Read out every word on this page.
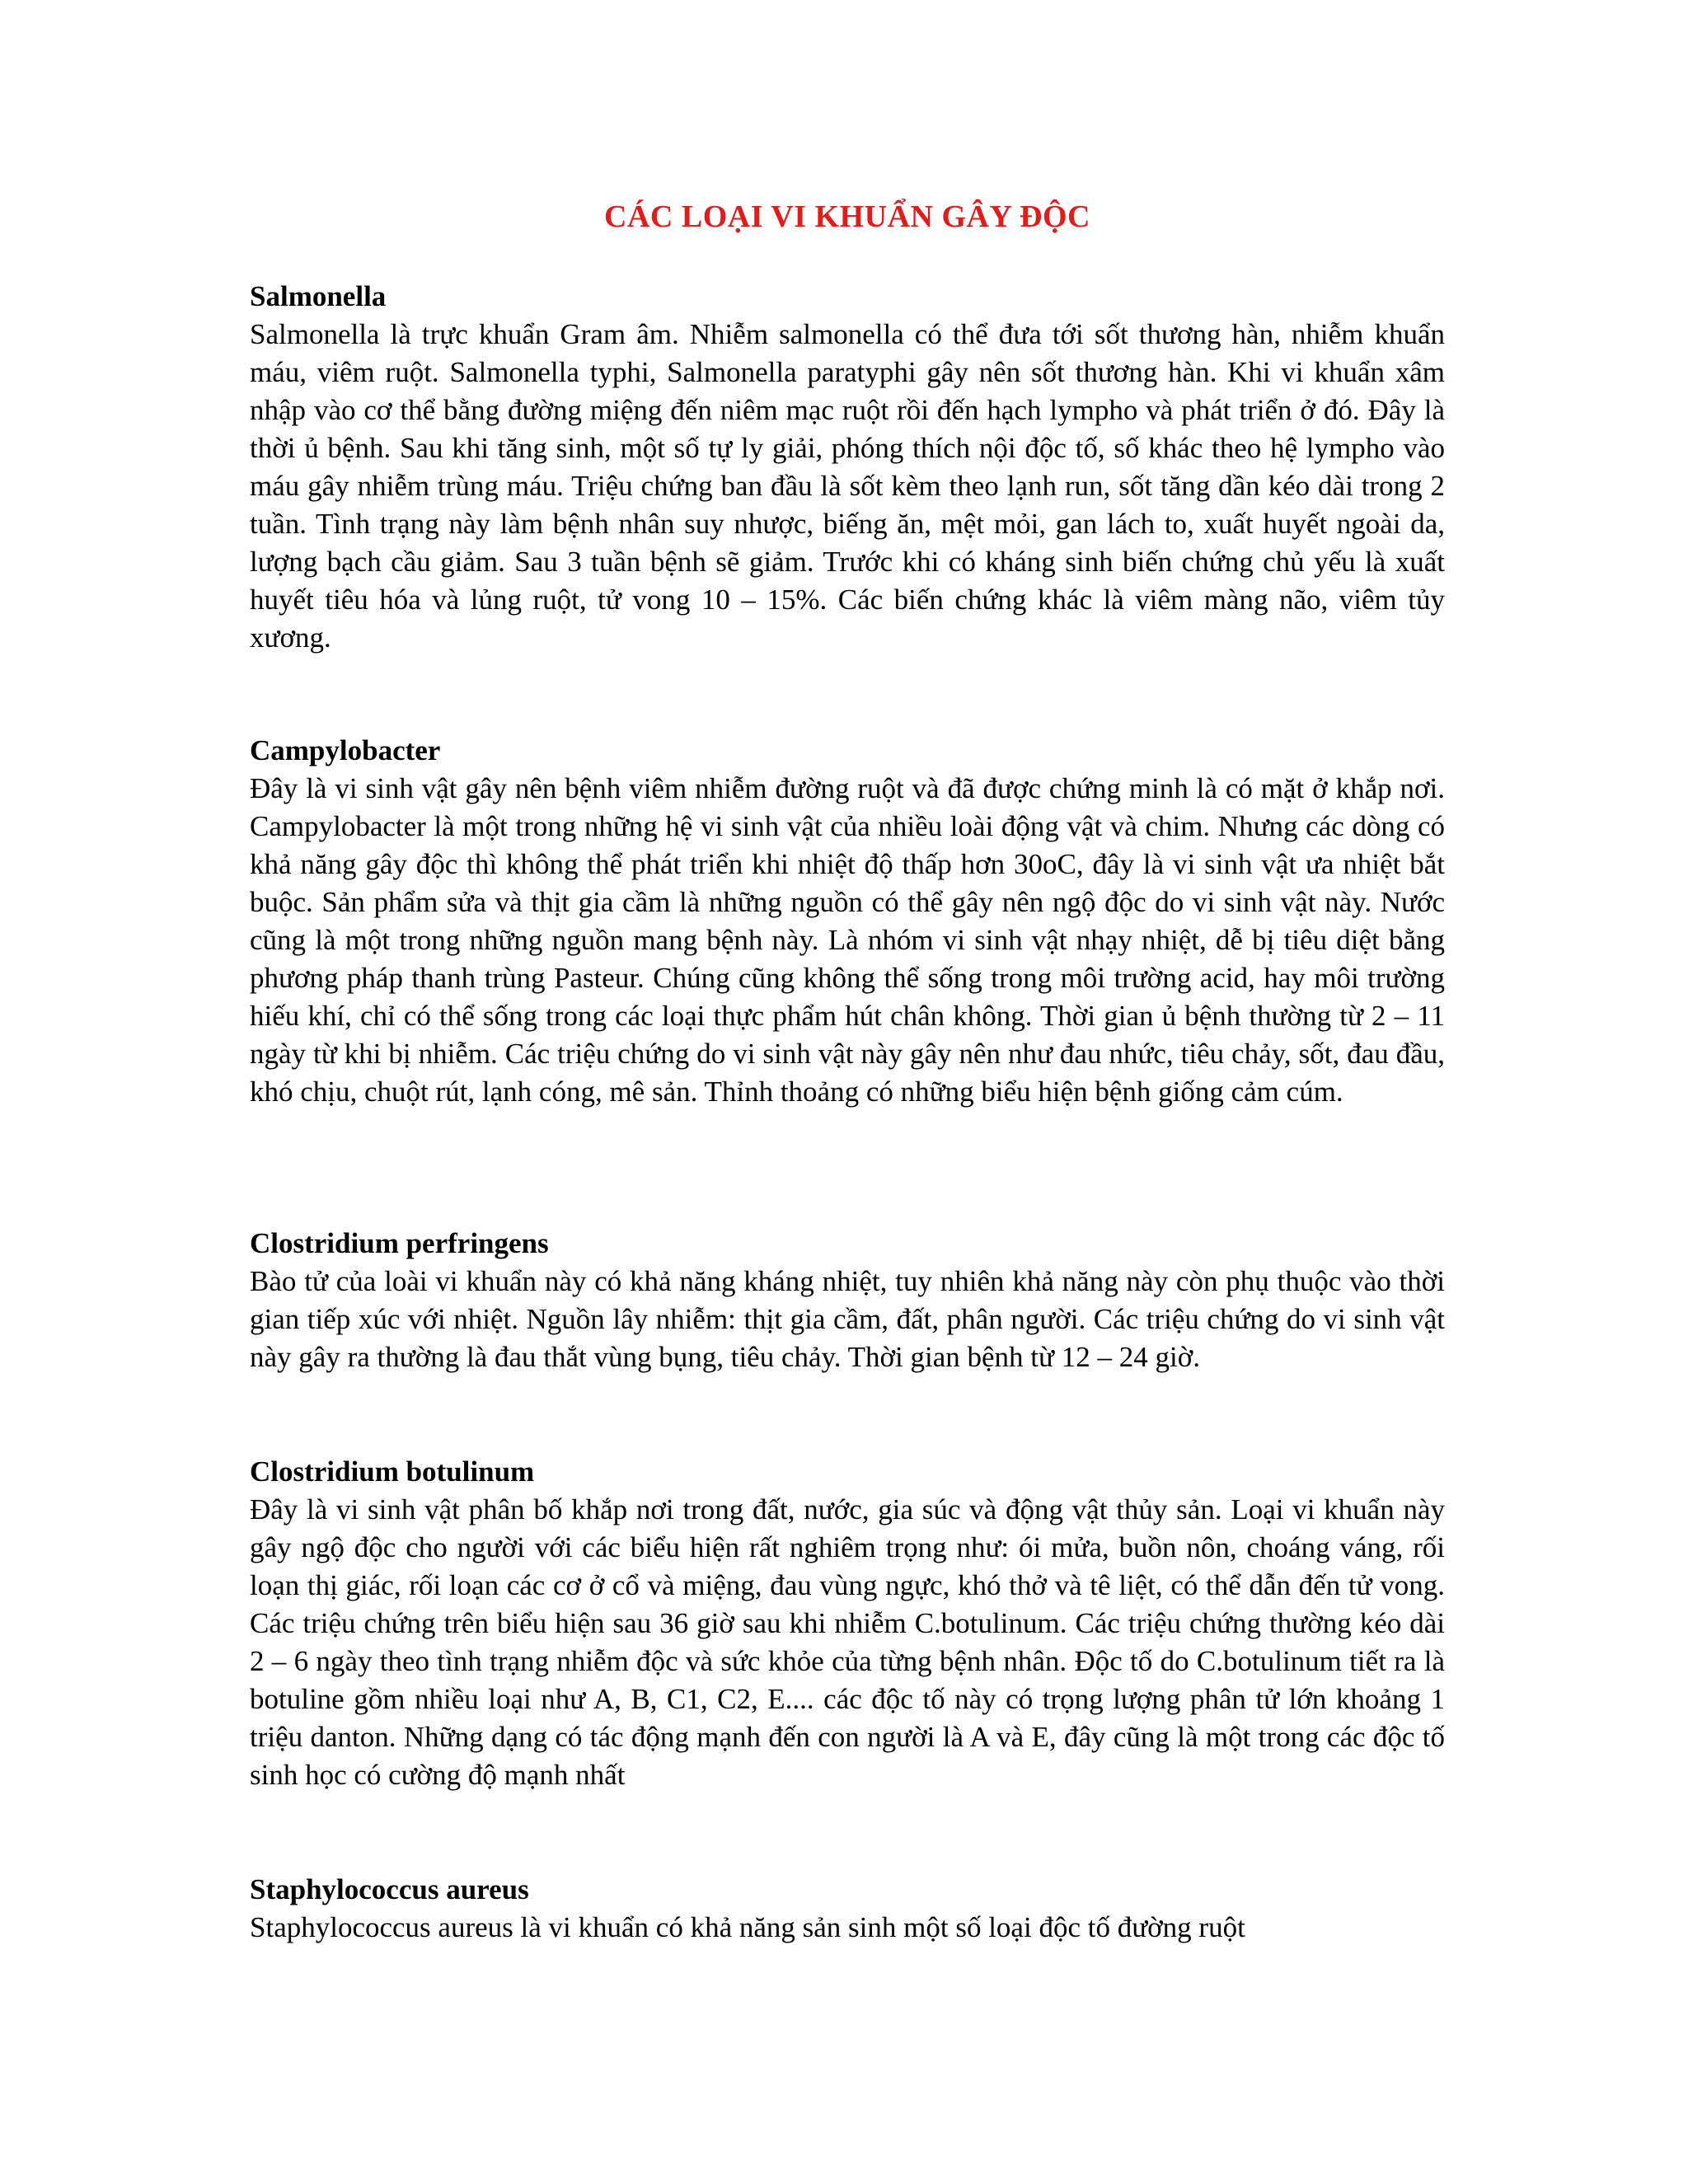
CÁC LOẠI VI KHUẨN GÂY ĐỘC

Salmonella

Salmonella là trực khuẩn Gram âm. Nhiễm salmonella có thể đưa tới sốt thương hàn, nhiễm khuẩn máu, viêm ruột. Salmonella typhi, Salmonella paratyphi gây nên sốt thương hàn. Khi vi khuẩn xâm nhập vào cơ thể bằng đường miệng đến niêm mạc ruột rồi đến hạch lympho và phát triển ở đó. Đây là thời ủ bệnh. Sau khi tăng sinh, một số tự ly giải, phóng thích nội độc tố, số khác theo hệ lympho vào máu gây nhiễm trùng máu. Triệu chứng ban đầu là sốt kèm theo lạnh run, sốt tăng dần kéo dài trong 2 tuần. Tình trạng này làm bệnh nhân suy nhược, biếng ăn, mệt mỏi, gan lách to, xuất huyết ngoài da, lượng bạch cầu giảm. Sau 3 tuần bệnh sẽ giảm. Trước khi có kháng sinh biến chứng chủ yếu là xuất huyết tiêu hóa và lủng ruột, tử vong 10 – 15%. Các biến chứng khác là viêm màng não, viêm tủy xương.

Campylobacter

Đây là vi sinh vật gây nên bệnh viêm nhiễm đường ruột và đã được chứng minh là có mặt ở khắp nơi. Campylobacter là một trong những hệ vi sinh vật của nhiều loài động vật và chim. Nhưng các dòng có khả năng gây độc thì không thể phát triển khi nhiệt độ thấp hơn 30oC, đây là vi sinh vật ưa nhiệt bắt buộc. Sản phẩm sửa và thịt gia cầm là những nguồn có thể gây nên ngộ độc do vi sinh vật này. Nước cũng là một trong những nguồn mang bệnh này. Là nhóm vi sinh vật nhạy nhiệt, dễ bị tiêu diệt bằng phương pháp thanh trùng Pasteur. Chúng cũng không thể sống trong môi trường acid, hay môi trường hiếu khí, chỉ có thể sống trong các loại thực phẩm hút chân không. Thời gian ủ bệnh thường từ 2 – 11 ngày từ khi bị nhiễm. Các triệu chứng do vi sinh vật này gây nên như đau nhức, tiêu chảy, sốt, đau đầu, khó chịu, chuột rút, lạnh cóng, mê sản. Thỉnh thoảng có những biểu hiện bệnh giống cảm cúm.

Clostridium perfringens

Bào tử của loài vi khuẩn này có khả năng kháng nhiệt, tuy nhiên khả năng này còn phụ thuộc vào thời gian tiếp xúc với nhiệt. Nguồn lây nhiễm: thịt gia cầm, đất, phân người. Các triệu chứng do vi sinh vật này gây ra thường là đau thắt vùng bụng, tiêu chảy. Thời gian bệnh từ 12 – 24 giờ.

Clostridium botulinum

Đây là vi sinh vật phân bố khắp nơi trong đất, nước, gia súc và động vật thủy sản. Loại vi khuẩn này gây ngộ độc cho người với các biểu hiện rất nghiêm trọng như: ói mửa, buồn nôn, choáng váng, rối loạn thị giác, rối loạn các cơ ở cổ và miệng, đau vùng ngực, khó thở và tê liệt, có thể dẫn đến tử vong. Các triệu chứng trên biểu hiện sau 36 giờ sau khi nhiễm C.botulinum. Các triệu chứng thường kéo dài 2 – 6 ngày theo tình trạng nhiễm độc và sức khỏe của từng bệnh nhân. Độc tố do C.botulinum tiết ra là botuline gồm nhiều loại như A, B, C1, C2, E.... các độc tố này có trọng lượng phân tử lớn khoảng 1 triệu danton. Những dạng có tác động mạnh đến con người là A và E, đây cũng là một trong các độc tố sinh học có cường độ mạnh nhất

Staphylococcus aureus

Staphylococcus aureus là vi khuẩn có khả năng sản sinh một số loại độc tố đường ruột
